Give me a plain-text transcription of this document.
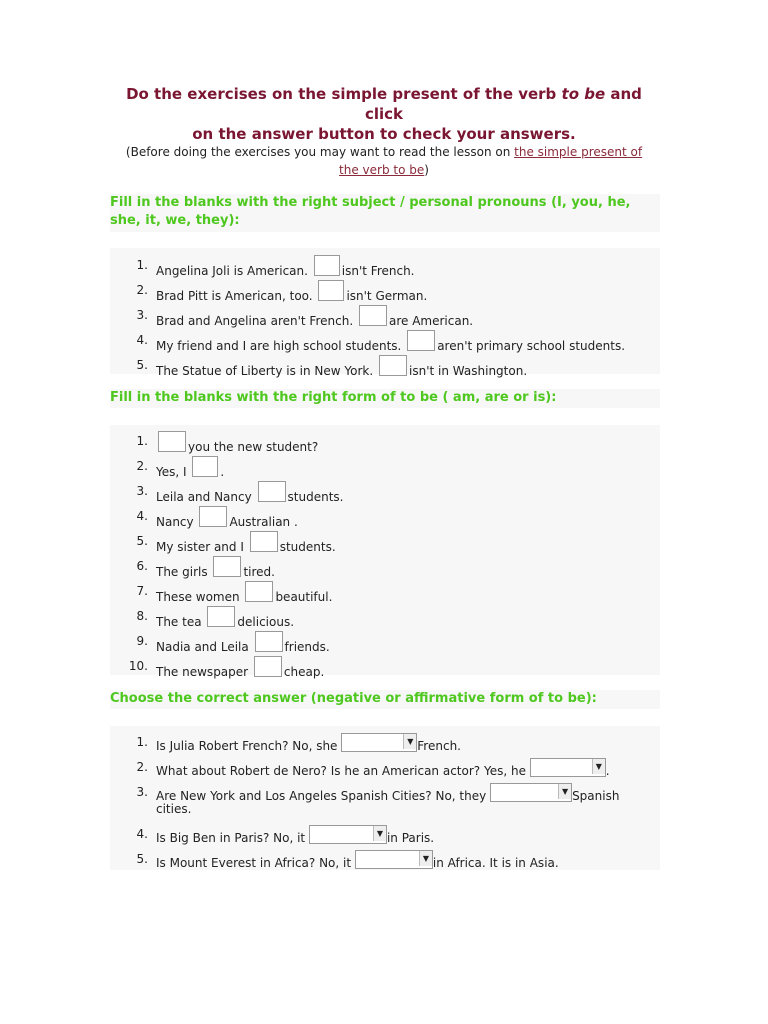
Do the exercises on the simple present of the verb to be and click
on the answer button to check your answers.
(Before doing the exercises you may want to read the lesson on the simple present of
the verb to be)
Fill in the blanks with the right subject / personal pronouns (I, you, he,
she, it, we, they):
1. Angelina Joli is American.	isn't French.
2. Brad Pitt is American, too.	isn't German.
3. Brad and Angelina aren't French.	are American.
4. My friend and I are high school students.	aren't primary school students.
5. The Statue of Liberty is in New York.	isn't in Washington.
Fill in the blanks with the right form of to be ( am, are or is):
1.	you the new student?
2. Yes, I	.
3. Leila and Nancy	students.
4. Nancy	Australian .
5. My sister and I	students.
6. The girls	tired.
7. These women	beautiful.
8. The tea	delicious.
9. Nadia and Leila	friends.
10. The newspaper	cheap.
Choose the correct answer (negative or affirmative form of to be):
1. Is Julia Robert French? No, she	▼ French.
2. What about Robert de Nero? Is he an American actor? Yes, he	▼ .
3. Are New York and Los Angeles Spanish Cities? No, they	▼ Spanish
cities.
4. Is Big Ben in Paris? No, it	▼ in Paris.
5. Is Mount Everest in Africa? No, it	▼ in Africa. It is in Asia.
